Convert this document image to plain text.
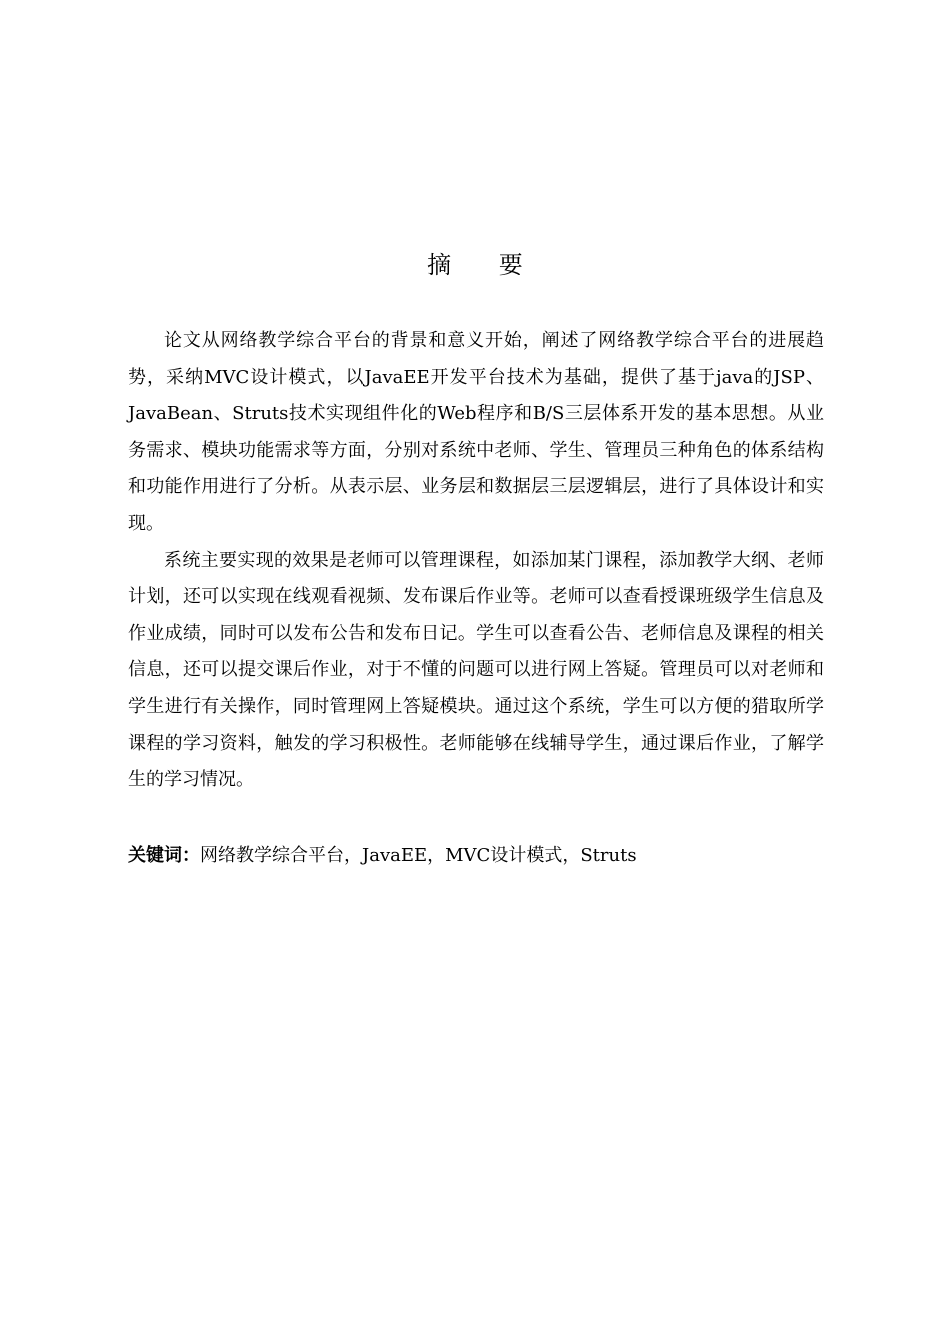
摘 要

论文从网络教学综合平台的背景和意义开始，阐述了网络教学综合平台的进展趋势，采纳MVC设计模式，以JavaEE开发平台技术为基础，提供了基于java的JSP、JavaBean、Struts技术实现组件化的Web程序和B/S三层体系开发的基本思想。从业务需求、模块功能需求等方面，分别对系统中老师、学生、管理员三种角色的体系结构和功能作用进行了分析。从表示层、业务层和数据层三层逻辑层，进行了具体设计和实现。

系统主要实现的效果是老师可以管理课程，如添加某门课程，添加教学大纲、老师计划，还可以实现在线观看视频、发布课后作业等。老师可以查看授课班级学生信息及作业成绩，同时可以发布公告和发布日记。学生可以查看公告、老师信息及课程的相关信息，还可以提交课后作业，对于不懂的问题可以进行网上答疑。管理员可以对老师和学生进行有关操作，同时管理网上答疑模块。通过这个系统，学生可以方便的猎取所学课程的学习资料，触发的学习积极性。老师能够在线辅导学生，通过课后作业，了解学生的学习情况。

关键词：网络教学综合平台，JavaEE，MVC设计模式，Struts
